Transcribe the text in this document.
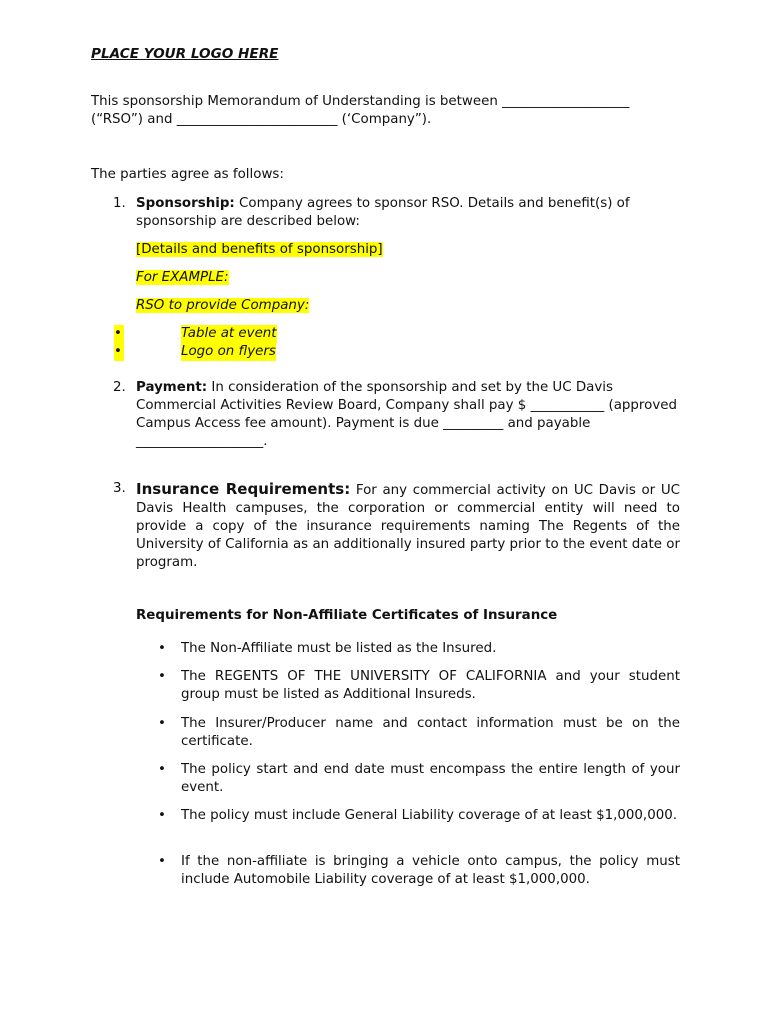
PLACE YOUR LOGO HERE
This sponsorship Memorandum of Understanding is between ___________________
(“RSO”) and ________________________ (‘Company”).
The parties agree as follows:
1. Sponsorship: Company agrees to sponsor RSO. Details and benefit(s) of sponsorship are described below:
[Details and benefits of sponsorship]
For EXAMPLE:
RSO to provide Company:
•	Table at event
•	Logo on flyers
2. Payment: In consideration of the sponsorship and set by the UC Davis Commercial Activities Review Board, Company shall pay $ ___________ (approved Campus Access fee amount). Payment is due _________ and payable ___________________.
3. Insurance Requirements: For any commercial activity on UC Davis or UC Davis Health campuses, the corporation or commercial entity will need to provide a copy of the insurance requirements naming The Regents of the University of California as an additionally insured party prior to the event date or program.
Requirements for Non-Affiliate Certificates of Insurance
• The Non-Affiliate must be listed as the Insured.
• The REGENTS OF THE UNIVERSITY OF CALIFORNIA and your student group must be listed as Additional Insureds.
• The Insurer/Producer name and contact information must be on the certificate.
• The policy start and end date must encompass the entire length of your event.
• The policy must include General Liability coverage of at least $1,000,000.
• If the non-affiliate is bringing a vehicle onto campus, the policy must include Automobile Liability coverage of at least $1,000,000.
